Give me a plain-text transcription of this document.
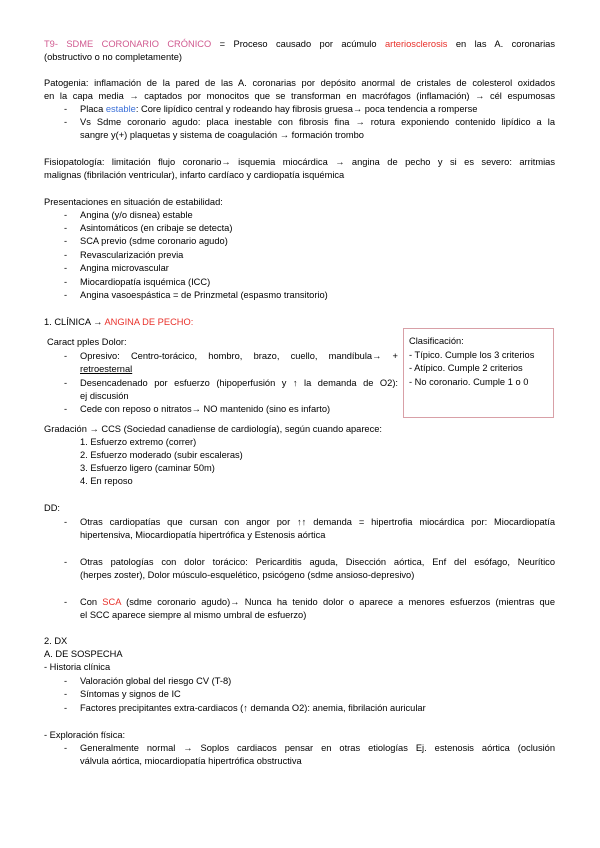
T9- SDME CORONARIO CRÓNICO = Proceso causado por acúmulo arteriosclerosis en las A. coronarias
(obstructivo o no completamente)
Patogenia: inflamación de la pared de las A. coronarias por depósito anormal de cristales de colesterol oxidados
en la capa media → captados por monocitos que se transforman en macrófagos (inflamación) → cél espumosas
- Placa estable: Core lipídico central y rodeando hay fibrosis gruesa→ poca tendencia a romperse
- Vs Sdme coronario agudo: placa inestable con fibrosis fina → rotura exponiendo contenido lipídico a la
sangre y(+) plaquetas y sistema de coagulación → formación trombo
Fisiopatología: limitación flujo coronario→ isquemia miocárdica → angina de pecho y si es severo: arritmias
malignas (fibrilación ventricular), infarto cardíaco y cardiopatía isquémica
Presentaciones en situación de estabilidad:
- Angina (y/o disnea) estable
- Asintomáticos (en cribaje se detecta)
- SCA previo (sdme coronario agudo)
- Revascularización previa
- Angina microvascular
- Miocardiopatía isquémica (ICC)
- Angina vasoespástica = de Prinzmetal (espasmo transitorio)
1. CLÍNICA → ANGINA DE PECHO:
Caract pples Dolor:
- Opresivo: Centro-torácico, hombro, brazo, cuello, mandíbula→ +
retroesternal
- Desencadenado por esfuerzo (hipoperfusión y ↑ la demanda de O2):
ej discusión
- Cede con reposo o nitratos→ NO mantenido (sino es infarto)
Clasificación:
- Típico. Cumple los 3 criterios
- Atípico. Cumple 2 criterios
- No coronario. Cumple 1 o 0
Gradación → CCS (Sociedad canadiense de cardiología), según cuando aparece:
1. Esfuerzo extremo (correr)
2. Esfuerzo moderado (subir escaleras)
3. Esfuerzo ligero (caminar 50m)
4. En reposo
DD:
- Otras cardiopatías que cursan con angor por ↑↑ demanda = hipertrofia miocárdica por: Miocardiopatía
hipertensiva, Miocardiopatía hipertrófica y Estenosis aórtica
- Otras patologías con dolor torácico: Pericarditis aguda, Disección aórtica, Enf del esófago, Neurítico
(herpes zoster), Dolor músculo-esquelético, psicógeno (sdme ansioso-depresivo)
- Con SCA (sdme coronario agudo)→ Nunca ha tenido dolor o aparece a menores esfuerzos (mientras que
el SCC aparece siempre al mismo umbral de esfuerzo)
2. DX
A. DE SOSPECHA
- Historia clínica
- Valoración global del riesgo CV (T-8)
- Síntomas y signos de IC
- Factores precipitantes extra-cardiacos (↑ demanda O2): anemia, fibrilación auricular
- Exploración física:
- Generalmente normal → Soplos cardiacos pensar en otras etiologías Ej. estenosis aórtica (oclusión
válvula aórtica, miocardiopatía hipertrófica obstructiva
